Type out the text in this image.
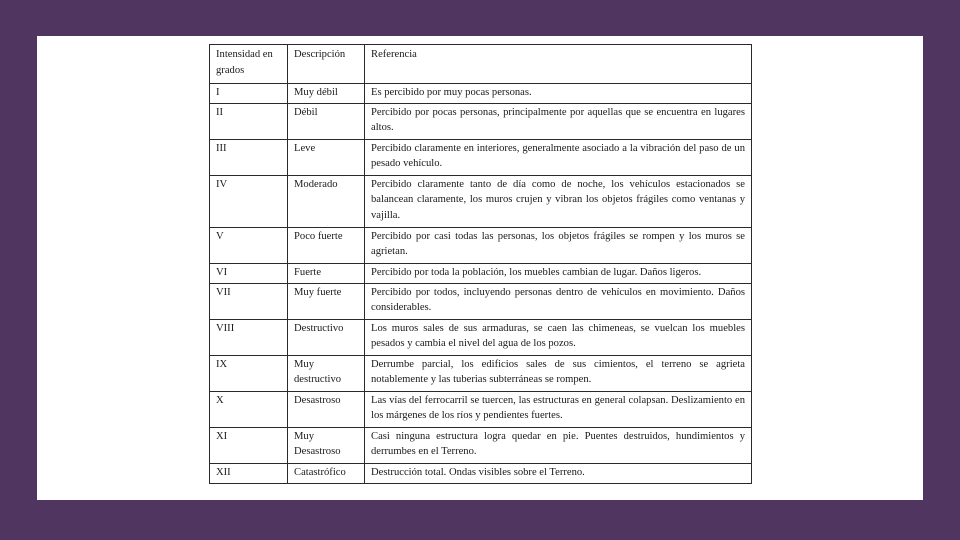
Intensidad en grados	Descripción	Referencia
I	Muy débil	Es percibido por muy pocas personas.
II	Débil	Percibido por pocas personas, principalmente por aquellas que se encuentra en lugares altos.
III	Leve	Percibido claramente en interiores, generalmente asociado a la vibración del paso de un pesado vehículo.
IV	Moderado	Percibido claramente tanto de día como de noche, los vehículos estacionados se balancean claramente, los muros crujen y vibran los objetos frágiles como ventanas y vajilla.
V	Poco fuerte	Percibido por casi todas las personas, los objetos frágiles se rompen y los muros se agrietan.
VI	Fuerte	Percibido por toda la población, los muebles cambian de lugar. Daños ligeros.
VII	Muy fuerte	Percibido por todos, incluyendo personas dentro de vehículos en movimiento. Daños considerables.
VIII	Destructivo	Los muros sales de sus armaduras, se caen las chimeneas, se vuelcan los muebles pesados y cambia el nivel del agua de los pozos.
IX	Muy destructivo	Derrumbe parcial, los edificios sales de sus cimientos, el terreno se agrieta notablemente y las tuberias subterráneas se rompen.
X	Desastroso	Las vías del ferrocarril se tuercen, las estructuras en general colapsan. Deslizamiento en los márgenes de los ríos y pendientes fuertes.
XI	Muy Desastroso	Casi ninguna estructura logra quedar en pie. Puentes destruidos, hundimientos y derrumbes en el Terreno.
XII	Catastrófico	Destrucción total. Ondas visibles sobre el Terreno.
